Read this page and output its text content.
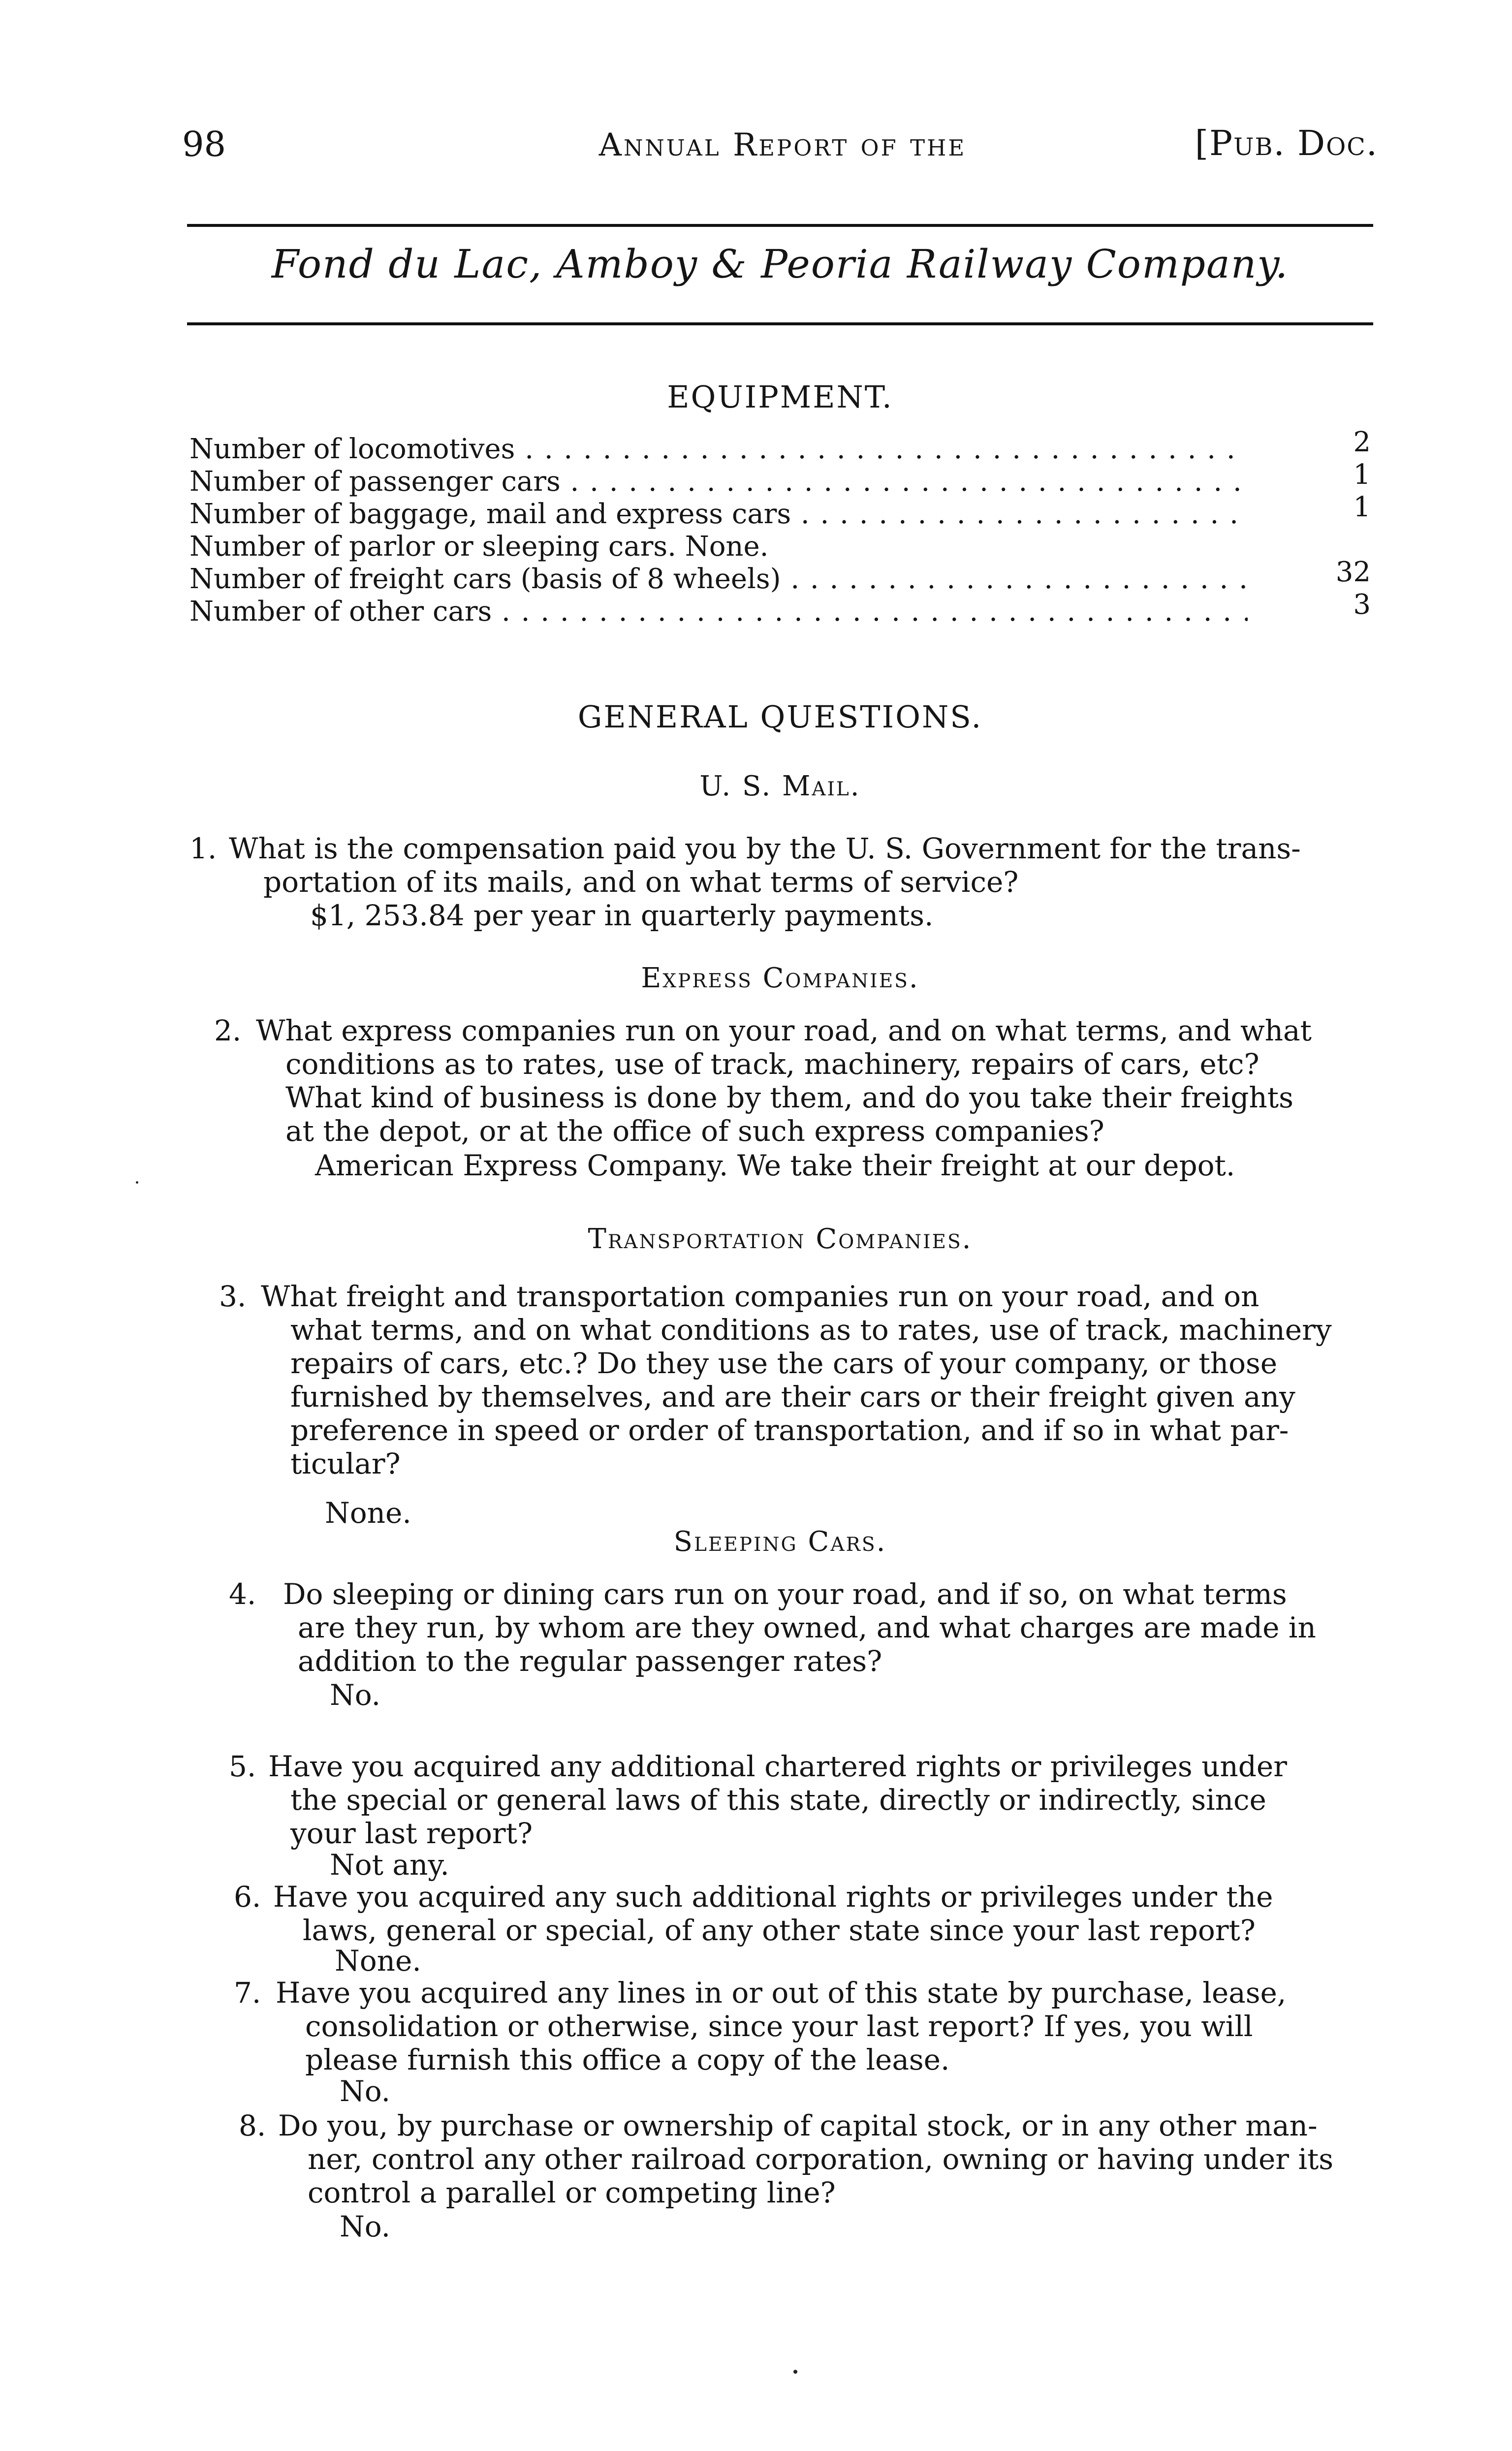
98	Annual Report of the	[Pub. Doc.
Fond du Lac, Amboy & Peoria Railway Company.
EQUIPMENT.
Number of locomotives . . .	2
Number of passenger cars . . .	1
Number of baggage, mail and express cars . . .	1
Number of parlor or sleeping cars. None.
Number of freight cars (basis of 8 wheels) . . .	32
Number of other cars . . .	3
GENERAL QUESTIONS.
U. S. Mail.
1. What is the compensation paid you by the U. S. Government for the trans-
portation of its mails, and on what terms of service?
$1, 253.84 per year in quarterly payments.
Express Companies.
2. What express companies run on your road, and on what terms, and what
conditions as to rates, use of track, machinery, repairs of cars, etc?
What kind of business is done by them, and do you take their freights
at the depot, or at the office of such express companies?
American Express Company. We take their freight at our depot.
Transportation Companies.
3. What freight and transportation companies run on your road, and on
what terms, and on what conditions as to rates, use of track, machinery
repairs of cars, etc.? Do they use the cars of your company, or those
furnished by themselves, and are their cars or their freight given any
preference in speed or order of transportation, and if so in what par-
ticular?
None.
Sleeping Cars.
4. Do sleeping or dining cars run on your road, and if so, on what terms
are they run, by whom are they owned, and what charges are made in
addition to the regular passenger rates?
No.
5. Have you acquired any additional chartered rights or privileges under
the special or general laws of this state, directly or indirectly, since
your last report?
Not any.
6. Have you acquired any such additional rights or privileges under the
laws, general or special, of any other state since your last report?
None.
7. Have you acquired any lines in or out of this state by purchase, lease,
consolidation or otherwise, since your last report? If yes, you will
please furnish this office a copy of the lease.
No.
8. Do you, by purchase or ownership of capital stock, or in any other man-
ner, control any other railroad corporation, owning or having under its
control a parallel or competing line?
No.
